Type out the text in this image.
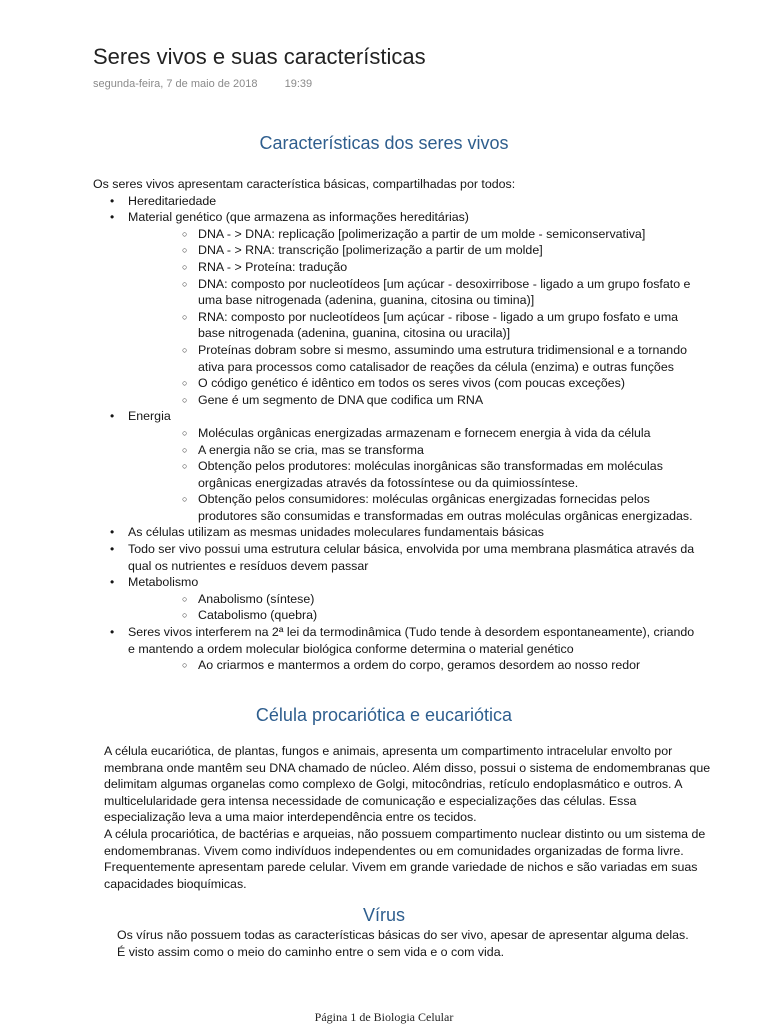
Seres vivos e suas características
segunda-feira, 7 de maio de 2018 19:39
Características dos seres vivos

Os seres vivos apresentam característica básicas, compartilhadas por todos:

• Hereditariedade
• Material genético (que armazena as informações hereditárias)
○ DNA - > DNA: replicação [polimerização a partir de um molde - semiconservativa]
○ DNA - > RNA: transcrição [polimerização a partir de um molde]
○ RNA - > Proteína: tradução
○ DNA: composto por nucleotídeos [um açúcar - desoxirribose - ligado a um grupo fosfato e uma base nitrogenada (adenina, guanina, citosina ou timina)]
○ RNA: composto por nucleotídeos [um açúcar - ribose - ligado a um grupo fosfato e uma base nitrogenada (adenina, guanina, citosina ou uracila)]
○ Proteínas dobram sobre si mesmo, assumindo uma estrutura tridimensional e a tornando ativa para processos como catalisador de reações da célula (enzima) e outras funções
○ O código genético é idêntico em todos os seres vivos (com poucas exceções)
○ Gene é um segmento de DNA que codifica um RNA
• Energia
○ Moléculas orgânicas energizadas armazenam e fornecem energia à vida da célula
○ A energia não se cria, mas se transforma
○ Obtenção pelos produtores: moléculas inorgânicas são transformadas em moléculas orgânicas energizadas através da fotossíntese ou da quimiossíntese.
○ Obtenção pelos consumidores: moléculas orgânicas energizadas fornecidas pelos produtores são consumidas e transformadas em outras moléculas orgânicas energizadas.
• As células utilizam as mesmas unidades moleculares fundamentais básicas
• Todo ser vivo possui uma estrutura celular básica, envolvida por uma membrana plasmática através da qual os nutrientes e resíduos devem passar
• Metabolismo
○ Anabolismo (síntese)
○ Catabolismo (quebra)
• Seres vivos interferem na 2ª lei da termodinâmica (Tudo tende à desordem espontaneamente), criando e mantendo a ordem molecular biológica conforme determina o material genético
○ Ao criarmos e mantermos a ordem do corpo, geramos desordem ao nosso redor
Célula procariótica e eucariótica

A célula eucariótica, de plantas, fungos e animais, apresenta um compartimento intracelular envolto por membrana onde mantêm seu DNA chamado de núcleo. Além disso, possui o sistema de endomembranas que delimitam algumas organelas como complexo de Golgi, mitocôndrias, retículo endoplasmático e outros. A multicelularidade gera intensa necessidade de comunicação e especializações das células. Essa especialização leva a uma maior interdependência entre os tecidos.

A célula procariótica, de bactérias e arqueias, não possuem compartimento nuclear distinto ou um sistema de endomembranas. Vivem como indivíduos independentes ou em comunidades organizadas de forma livre. Frequentemente apresentam parede celular. Vivem em grande variedade de nichos e são variadas em suas capacidades bioquímicas.

Vírus

Os vírus não possuem todas as características básicas do ser vivo, apesar de apresentar alguma delas.

É visto assim como o meio do caminho entre o sem vida e o com vida.

Página 1 de Biologia Celular
